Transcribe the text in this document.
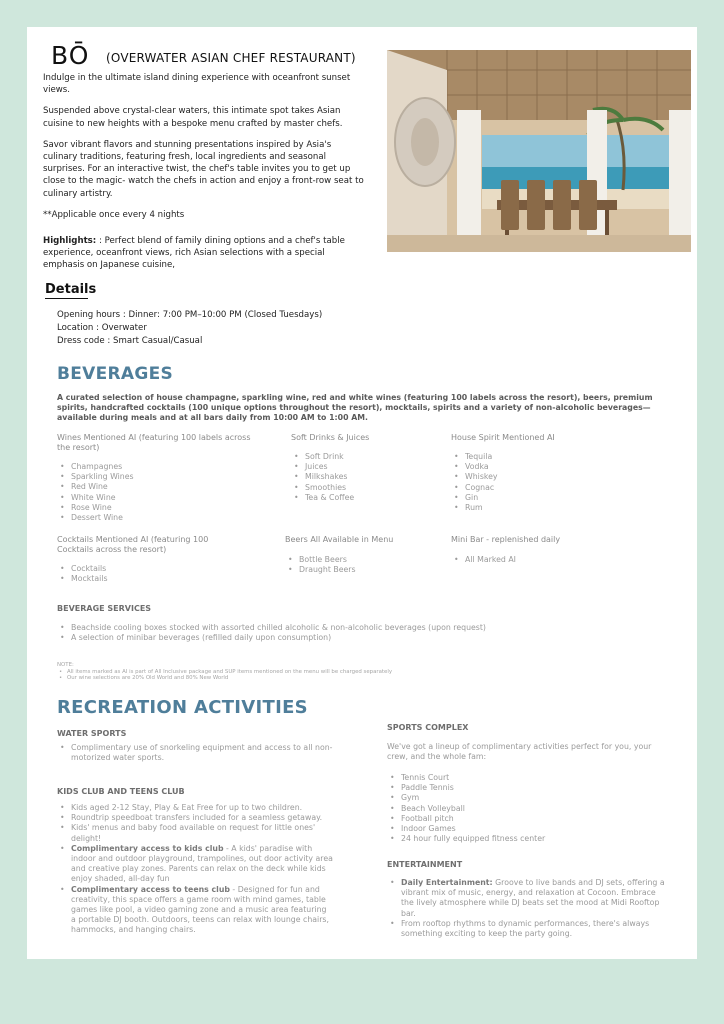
BŌ (OVERWATER ASIAN CHEF RESTAURANT)

Indulge in the ultimate island dining experience with oceanfront sunset views.

Suspended above crystal-clear waters, this intimate spot takes Asian cuisine to new heights with a bespoke menu crafted by master chefs.

Savor vibrant flavors and stunning presentations inspired by Asia's culinary traditions, featuring fresh, local ingredients and seasonal surprises. For an interactive twist, the chef's table invites you to get up close to the magic- watch the chefs in action and enjoy a front-row seat to culinary artistry.

**Applicable once every 4 nights

Highlights: : Perfect blend of family dining options and a chef's table experience, oceanfront views, rich Asian selections with a special emphasis on Japanese cuisine,

Details
Opening hours : Dinner: 7:00 PM–10:00 PM (Closed Tuesdays)
Location : Overwater
Dress code : Smart Casual/Casual
BEVERAGES
A curated selection of house champagne, sparkling wine, red and white wines (featuring 100 labels across the resort), beers, premium spirits, handcrafted cocktails (100 unique options throughout the resort), mocktails, spirits and a variety of non-alcoholic beverages— available during meals and at all bars daily from 10:00 AM to 1:00 AM.
Wines Mentioned AI (featuring 100 labels across the resort)
• Champagnes
• Sparkling Wines
• Red Wine
• White Wine
• Rose Wine
• Dessert Wine
Soft Drinks & Juices
• Soft Drink
• Juices
• Milkshakes
• Smoothies
• Tea & Coffee
House Spirit Mentioned AI
• Tequila
• Vodka
• Whiskey
• Cognac
• Gin
• Rum
Cocktails Mentioned AI (featuring 100 Cocktails across the resort)
• Cocktails
• Mocktails
Beers All Available in Menu
• Bottle Beers
• Draught Beers
Mini Bar - replenished daily
• All Marked AI
BEVERAGE SERVICES
• Beachside cooling boxes stocked with assorted chilled alcoholic & non-alcoholic beverages (upon request)
• A selection of minibar beverages (refilled daily upon consumption)
NOTE:
• All items marked as AI is part of All Inclusive package and SUP items mentioned on the menu will be charged separately
• Our wine selections are 20% Old World and 80% New World
RECREATION ACTIVITIES
WATER SPORTS
• Complimentary use of snorkeling equipment and access to all non-motorized water sports.
KIDS CLUB AND TEENS CLUB
• Kids aged 2-12 Stay, Play & Eat Free for up to two children.
• Roundtrip speedboat transfers included for a seamless getaway.
• Kids' menus and baby food available on request for little ones' delight!
• Complimentary access to kids club - A kids' paradise with indoor and outdoor playground, trampolines, out door activity area and creative play zones. Parents can relax on the deck while kids enjoy shaded, all-day fun
• Complimentary access to teens club - Designed for fun and creativity, this space offers a game room with mind games, table games like pool, a video gaming zone and a music area featuring a portable DJ booth. Outdoors, teens can relax with lounge chairs, hammocks, and hanging chairs.
SPORTS COMPLEX
We've got a lineup of complimentary activities perfect for you, your crew, and the whole fam:
• Tennis Court
• Paddle Tennis
• Gym
• Beach Volleyball
• Football pitch
• Indoor Games
• 24 hour fully equipped fitness center
ENTERTAINMENT
• Daily Entertainment: Groove to live bands and DJ sets, offering a vibrant mix of music, energy, and relaxation at Cocoon. Embrace the lively atmosphere while DJ beats set the mood at Midi Rooftop bar.
• From rooftop rhythms to dynamic performances, there's always something exciting to keep the party going.
